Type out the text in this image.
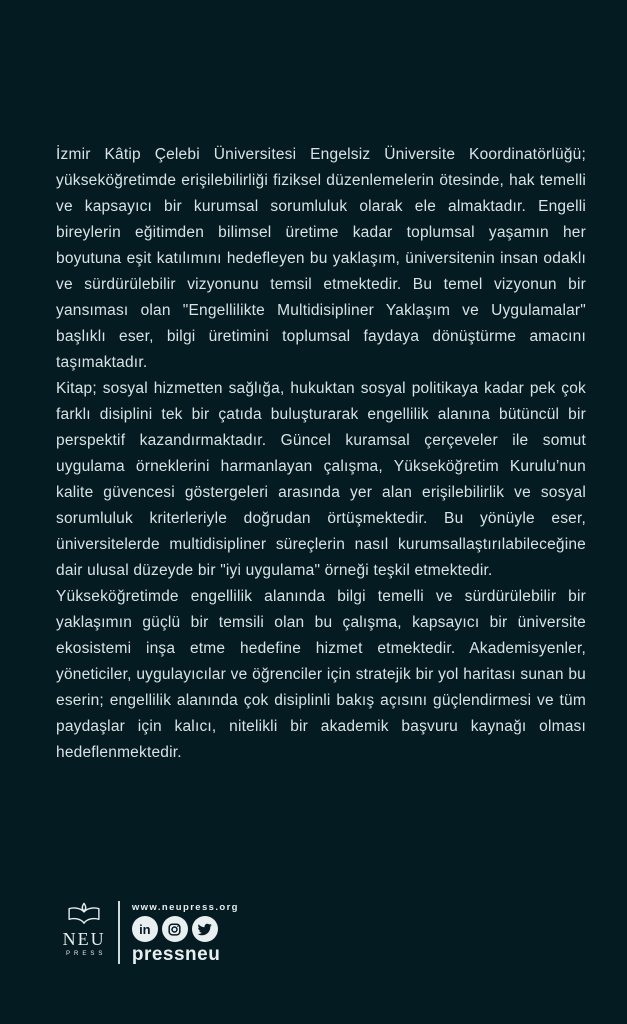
İzmir Kâtip Çelebi Üniversitesi Engelsiz Üniversite Koordinatörlüğü; yükseköğretimde erişilebilirliği fiziksel düzenlemelerin ötesinde, hak temelli ve kapsayıcı bir kurumsal sorumluluk olarak ele almaktadır. Engelli bireylerin eğitimden bilimsel üretime kadar toplumsal yaşamın her boyutuna eşit katılımını hedefleyen bu yaklaşım, üniversitenin insan odaklı ve sürdürülebilir vizyonunu temsil etmektedir. Bu temel vizyonun bir yansıması olan "Engellilikte Multidisipliner Yaklaşım ve Uygulamalar" başlıklı eser, bilgi üretimini toplumsal faydaya dönüştürme amacını taşımaktadır.

Kitap; sosyal hizmetten sağlığa, hukuktan sosyal politikaya kadar pek çok farklı disiplini tek bir çatıda buluşturarak engellilik alanına bütüncül bir perspektif kazandırmaktadır. Güncel kuramsal çerçeveler ile somut uygulama örneklerini harmanlayan çalışma, Yükseköğretim Kurulu’nun kalite güvencesi göstergeleri arasında yer alan erişilebilirlik ve sosyal sorumluluk kriterleriyle doğrudan örtüşmektedir. Bu yönüyle eser, üniversitelerde multidisipliner süreçlerin nasıl kurumsallaştırılabileceğine dair ulusal düzeyde bir "iyi uygulama" örneği teşkil etmektedir.

Yükseköğretimde engellilik alanında bilgi temelli ve sürdürülebilir bir yaklaşımın güçlü bir temsili olan bu çalışma, kapsayıcı bir üniversite ekosistemi inşa etme hedefine hizmet etmektedir. Akademisyenler, yöneticiler, uygulayıcılar ve öğrenciler için stratejik bir yol haritası sunan bu eserin; engellilik alanında çok disiplinli bakış açısını güçlendirmesi ve tüm paydaşlar için kalıcı, nitelikli bir akademik başvuru kaynağı olması hedeflenmektedir.

NEU
PRESS
www.neupress.org
in
pressneu
